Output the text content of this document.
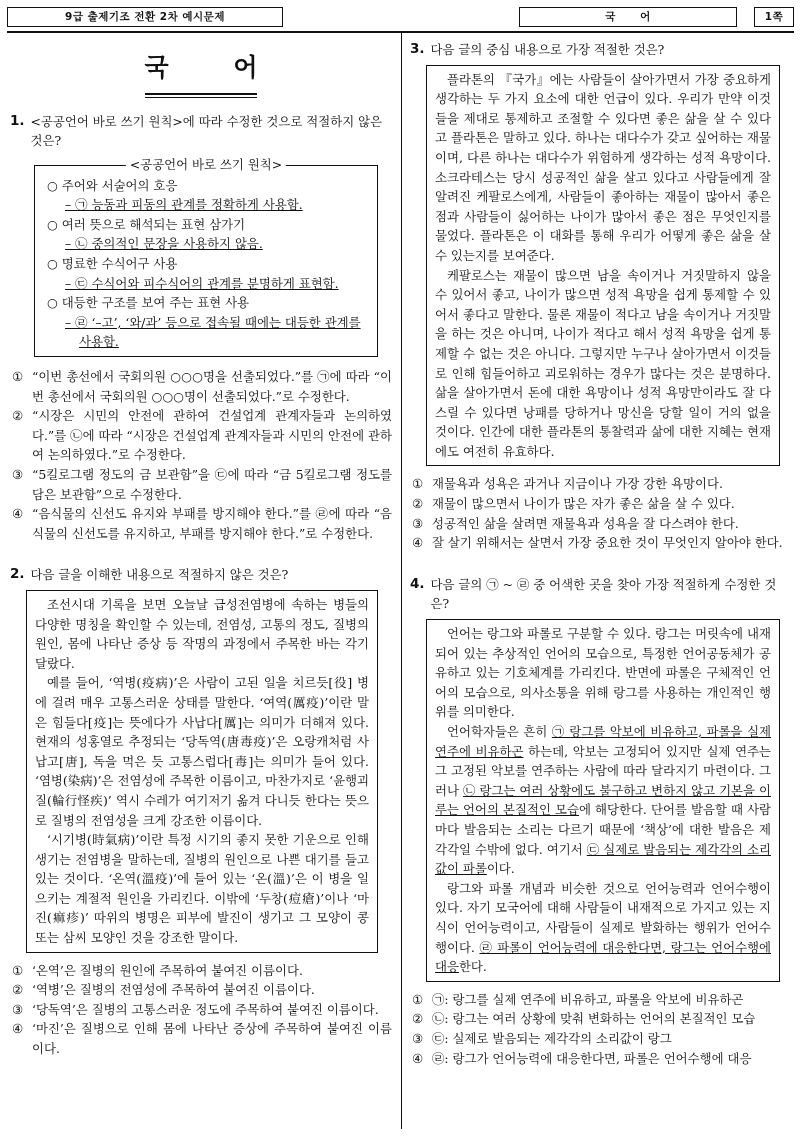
9급 출제기조 전환 2차 예시문제	국 어	1쪽
국 어
1. <공공언어 바로 쓰기 원칙>에 따라 수정한 것으로 적절하지 않은 것은?
<공공언어 바로 쓰기 원칙>
○ 주어와 서술어의 호응
– ㉠ 능동과 피동의 관계를 정확하게 사용함.
○ 여러 뜻으로 해석되는 표현 삼가기
– ㉡ 중의적인 문장을 사용하지 않음.
○ 명료한 수식어구 사용
– ㉢ 수식어와 피수식어의 관계를 분명하게 표현함.
○ 대등한 구조를 보여 주는 표현 사용
– ㉣ ‘–고’, ‘와/과’ 등으로 접속될 때에는 대등한 관계를
사용함.
① “이번 총선에서 국회의원 ○○○명을 선출되었다.”를 ㉠에 따라 “이번 총선에서 국회의원 ○○○명이 선출되었다.”로 수정한다.
② “시장은 시민의 안전에 관하여 건설업계 관계자들과 논의하였다.”를 ㉡에 따라 “시장은 건설업계 관계자들과 시민의 안전에 관하여 논의하였다.”로 수정한다.
③ “5킬로그램 정도의 금 보관함”을 ㉢에 따라 “금 5킬로그램 정도를 담은 보관함”으로 수정한다.
④ “음식물의 신선도 유지와 부패를 방지해야 한다.”를 ㉣에 따라 “음식물의 신선도를 유지하고, 부패를 방지해야 한다.”로 수정한다.
2. 다음 글을 이해한 내용으로 적절하지 않은 것은?

조선시대 기록을 보면 오늘날 급성전염병에 속하는 병들의 다양한 명칭을 확인할 수 있는데, 전염성, 고통의 정도, 질병의 원인, 몸에 나타난 증상 등 작명의 과정에서 주목한 바는 각기 달랐다.

예를 들어, ‘역병(疫病)’은 사람이 고된 일을 치르듯[役] 병에 걸려 매우 고통스러운 상태를 말한다. ‘여역(厲疫)’이란 말은 힘들다[疫]는 뜻에다가 사납다[厲]는 의미가 더해져 있다. 현재의 성홍열로 추정되는 ‘당독역(唐毒疫)’은 오랑캐처럼 사납고[唐], 독을 먹은 듯 고통스럽다[毒]는 의미가 들어 있다. ‘염병(染病)’은 전염성에 주목한 이름이고, 마찬가지로 ‘윤행괴질(輪行怪疾)’ 역시 수레가 여기저기 옮겨 다니듯 한다는 뜻으로 질병의 전염성을 크게 강조한 이름이다.

‘시기병(時氣病)’이란 특정 시기의 좋지 못한 기운으로 인해 생기는 전염병을 말하는데, 질병의 원인으로 나쁜 대기를 들고 있는 것이다. ‘온역(溫疫)’에 들어 있는 ‘온(溫)’은 이 병을 일으키는 계절적 원인을 가리킨다. 이밖에 ‘두창(痘瘡)’이나 ‘마진(痲疹)’ 따위의 병명은 피부에 발진이 생기고 그 모양이 콩 또는 삼씨 모양인 것을 강조한 말이다.

① ‘온역’은 질병의 원인에 주목하여 붙여진 이름이다.
② ‘역병’은 질병의 전염성에 주목하여 붙여진 이름이다.
③ ‘당독역’은 질병의 고통스러운 정도에 주목하여 붙여진 이름이다.
④ ‘마진’은 질병으로 인해 몸에 나타난 증상에 주목하여 붙여진 이름이다.
3. 다음 글의 중심 내용으로 가장 적절한 것은?

플라톤의 『국가』에는 사람들이 살아가면서 가장 중요하게 생각하는 두 가지 요소에 대한 언급이 있다. 우리가 만약 이것들을 제대로 통제하고 조절할 수 있다면 좋은 삶을 살 수 있다고 플라톤은 말하고 있다. 하나는 대다수가 갖고 싶어하는 재물이며, 다른 하나는 대다수가 위험하게 생각하는 성적 욕망이다. 소크라테스는 당시 성공적인 삶을 살고 있다고 사람들에게 잘 알려진 케팔로스에게, 사람들이 좋아하는 재물이 많아서 좋은 점과 사람들이 싫어하는 나이가 많아서 좋은 점은 무엇인지를 물었다. 플라톤은 이 대화를 통해 우리가 어떻게 좋은 삶을 살 수 있는지를 보여준다.

케팔로스는 재물이 많으면 남을 속이거나 거짓말하지 않을 수 있어서 좋고, 나이가 많으면 성적 욕망을 쉽게 통제할 수 있어서 좋다고 말한다. 물론 재물이 적다고 남을 속이거나 거짓말을 하는 것은 아니며, 나이가 적다고 해서 성적 욕망을 쉽게 통제할 수 없는 것은 아니다. 그렇지만 누구나 살아가면서 이것들로 인해 힘들어하고 괴로워하는 경우가 많다는 것은 분명하다. 삶을 살아가면서 돈에 대한 욕망이나 성적 욕망만이라도 잘 다스릴 수 있다면 낭패를 당하거나 망신을 당할 일이 거의 없을 것이다. 인간에 대한 플라톤의 통찰력과 삶에 대한 지혜는 현재에도 여전히 유효하다.

① 재물욕과 성욕은 과거나 지금이나 가장 강한 욕망이다.
② 재물이 많으면서 나이가 많은 자가 좋은 삶을 살 수 있다.
③ 성공적인 삶을 살려면 재물욕과 성욕을 잘 다스려야 한다.
④ 잘 살기 위해서는 살면서 가장 중요한 것이 무엇인지 알아야 한다.
4. 다음 글의 ㉠ ~ ㉣ 중 어색한 곳을 찾아 가장 적절하게 수정한 것은?

언어는 랑그와 파롤로 구분할 수 있다. 랑그는 머릿속에 내재되어 있는 추상적인 언어의 모습으로, 특정한 언어공동체가 공유하고 있는 기호체계를 가리킨다. 반면에 파롤은 구체적인 언어의 모습으로, 의사소통을 위해 랑그를 사용하는 개인적인 행위를 의미한다.

언어학자들은 흔히 ㉠ 랑그를 악보에 비유하고, 파롤을 실제 연주에 비유하곤 하는데, 악보는 고정되어 있지만 실제 연주는 그 고정된 악보를 연주하는 사람에 따라 달라지기 마련이다. 그러나 ㉡ 랑그는 여러 상황에도 불구하고 변하지 않고 기본을 이루는 언어의 본질적인 모습에 해당한다. 단어를 발음할 때 사람마다 발음되는 소리는 다르기 때문에 ‘책상’에 대한 발음은 제각각일 수밖에 없다. 여기서 ㉢ 실제로 발음되는 제각각의 소리값이 파롤이다.

랑그와 파롤 개념과 비슷한 것으로 언어능력과 언어수행이 있다. 자기 모국어에 대해 사람들이 내재적으로 가지고 있는 지식이 언어능력이고, 사람들이 실제로 발화하는 행위가 언어수행이다. ㉣ 파롤이 언어능력에 대응한다면, 랑그는 언어수행에 대응한다.

① ㉠: 랑그를 실제 연주에 비유하고, 파롤을 악보에 비유하곤
② ㉡: 랑그는 여러 상황에 맞춰 변화하는 언어의 본질적인 모습
③ ㉢: 실제로 발음되는 제각각의 소리값이 랑그
④ ㉣: 랑그가 언어능력에 대응한다면, 파롤은 언어수행에 대응
